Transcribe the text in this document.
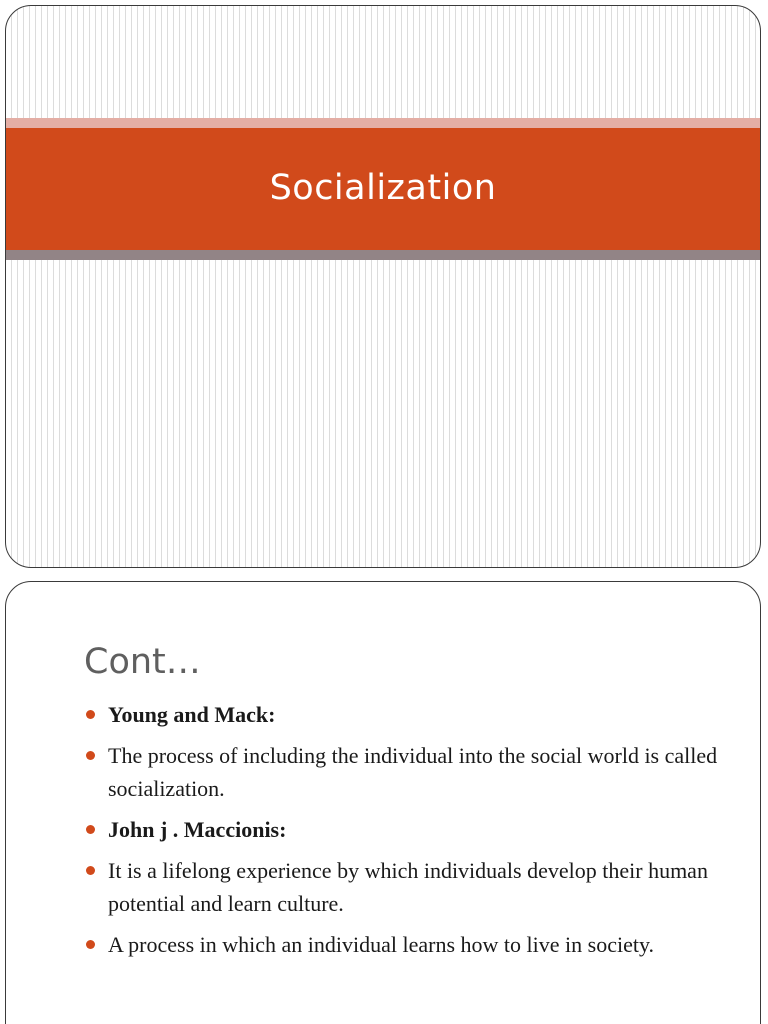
Socialization
Cont…
Young and Mack:
The process of including the individual into the social world is called socialization.
John j . Maccionis:
It is a lifelong experience by which individuals develop their human potential and learn culture.
A process in which an individual learns how to live in society.
